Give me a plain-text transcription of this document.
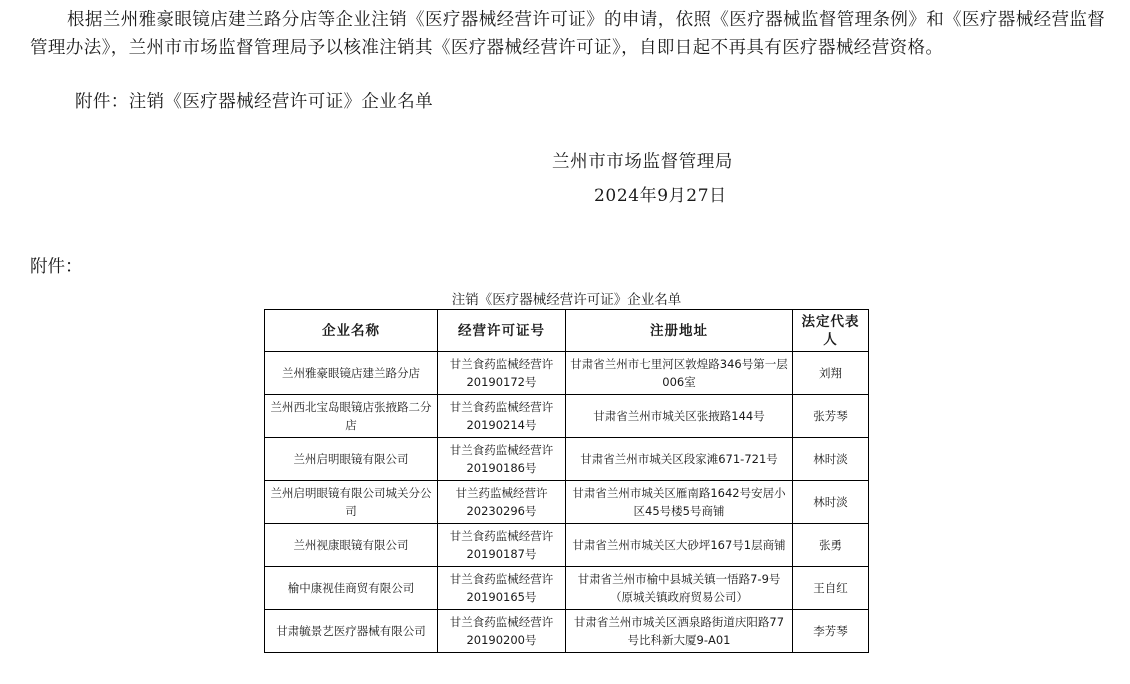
根据兰州雅豪眼镜店建兰路分店等企业注销《医疗器械经营许可证》的申请，依照《医疗器械监督管理条例》和《医疗器械经营监督管理办法》，兰州市市场监督管理局予以核准注销其《医疗器械经营许可证》，自即日起不再具有医疗器械经营资格。

附件：注销《医疗器械经营许可证》企业名单

兰州市市场监督管理局
2024年9月27日
附件：
注销《医疗器械经营许可证》企业名单
企业名称	经营许可证号	注册地址	法定代表人
兰州雅豪眼镜店建兰路分店	甘兰食药监械经营许20190172号	甘肃省兰州市七里河区敦煌路346号第一层006室	刘翔
兰州西北宝岛眼镜店张掖路二分店	甘兰食药监械经营许20190214号	甘肃省兰州市城关区张掖路144号	张芳琴
兰州启明眼镜有限公司	甘兰食药监械经营许20190186号	甘肃省兰州市城关区段家滩671-721号	林时淡
兰州启明眼镜有限公司城关分公司	甘兰药监械经营许20230296号	甘肃省兰州市城关区雁南路1642号安居小区45号楼5号商铺	林时淡
兰州视康眼镜有限公司	甘兰食药监械经营许20190187号	甘肃省兰州市城关区大砂坪167号1层商铺	张勇
榆中康视佳商贸有限公司	甘兰食药监械经营许20190165号	甘肃省兰州市榆中县城关镇一悟路7-9号（原城关镇政府贸易公司）	王自红
甘肃毓景艺医疗器械有限公司	甘兰食药监械经营许20190200号	甘肃省兰州市城关区酒泉路街道庆阳路77号比科新大厦9-A01	李芳琴
